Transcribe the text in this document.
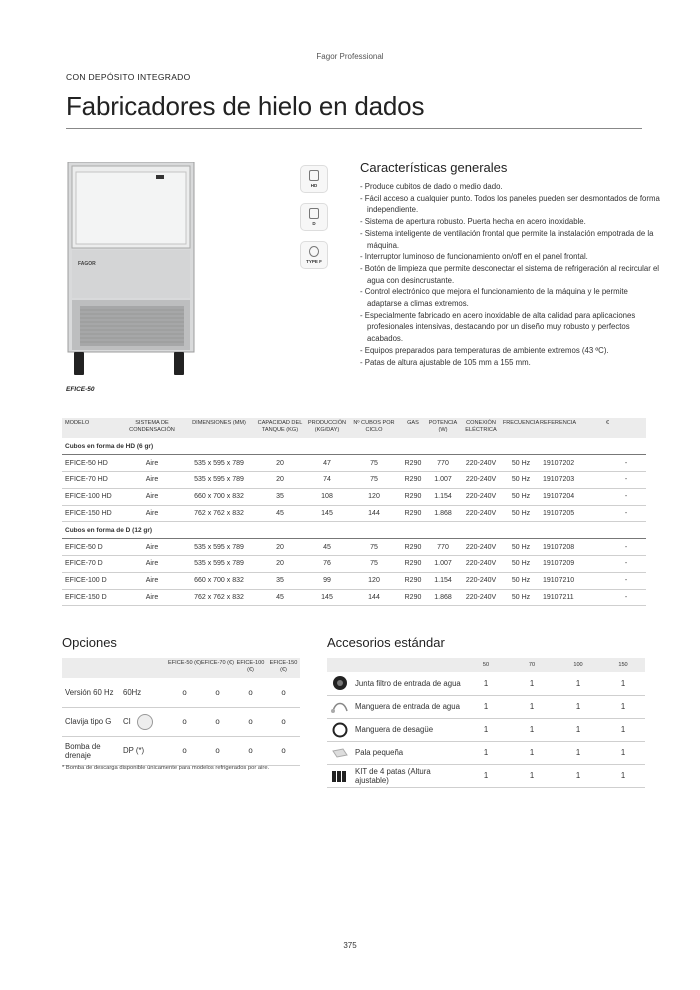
Fagor Professional
CON DEPÓSITO INTEGRADO
Fabricadores de hielo en dados
FAGOR
EFICE-50
HD
D
TYPE F
Características generales
- Produce cubitos de dado o medio dado.
- Fácil acceso a cualquier punto. Todos los paneles pueden ser desmontados de forma independiente.
- Sistema de apertura robusto. Puerta hecha en acero inoxidable.
- Sistema inteligente de ventilación frontal que permite la instalación empotrada de la máquina.
- Interruptor luminoso de funcionamiento on/off en el panel frontal.
- Botón de limpieza que permite desconectar el sistema de refrigeración al recircular el agua con desincrustante.
- Control electrónico que mejora el funcionamiento de la máquina y le permite adaptarse a climas extremos.
- Especialmente fabricado en acero inoxidable de alta calidad para aplicaciones profesionales intensivas, destacando por un diseño muy robusto y perfectos acabados.
- Equipos preparados para temperaturas de ambiente extremos (43 ºC).
- Patas de altura ajustable de 105 mm a 155 mm.
MODELO	SISTEMA DE CONDENSACIÓN	DIMENSIONES (MM)	CAPACIDAD DEL TANQUE (KG)	PRODUCCIÓN (KG/DAY)	Nº CUBOS POR CICLO	GAS	POTENCIA (W)	CONEXIÓN ELÉCTRICA	FRECUENCIA	REFERENCIA	€
Cubos en forma de HD (6 gr)											
EFICE-50 HD	Aire	535 x 595 x 789	20	47	75	R290	770	220-240V	50 Hz	19107202	-
EFICE-70 HD	Aire	535 x 595 x 789	20	74	75	R290	1.007	220-240V	50 Hz	19107203	-
EFICE-100 HD	Aire	660 x 700 x 832	35	108	120	R290	1.154	220-240V	50 Hz	19107204	-
EFICE-150 HD	Aire	762 x 762 x 832	45	145	144	R290	1.868	220-240V	50 Hz	19107205	-
Cubos en forma de D (12 gr)											
EFICE-50 D	Aire	535 x 595 x 789	20	45	75	R290	770	220-240V	50 Hz	19107208	-
EFICE-70 D	Aire	535 x 595 x 789	20	76	75	R290	1.007	220-240V	50 Hz	19107209	-
EFICE-100 D	Aire	660 x 700 x 832	35	99	120	R290	1.154	220-240V	50 Hz	19107210	-
EFICE-150 D	Aire	762 x 762 x 832	45	145	144	R290	1.868	220-240V	50 Hz	19107211	-
Opciones
		EFICE-50 (€)	EFICE-70 (€)	EFICE-100 (€)	EFICE-150 (€)
Versión 60 Hz	60Hz	o	o	o	o
Clavija tipo G	CI	o	o	o	o
Bomba de drenaje	DP (*)	o	o	o	o
* Bomba de descarga disponible únicamente para modelos refrigerados por aire.
Accesorios estándar
		50	70	100	150
	Junta filtro de entrada de agua	1	1	1	1
	Manguera de entrada de agua	1	1	1	1
	Manguera de desagüe	1	1	1	1
	Pala pequeña	1	1	1	1
	KIT de 4 patas (Altura ajustable)	1	1	1	1
375
